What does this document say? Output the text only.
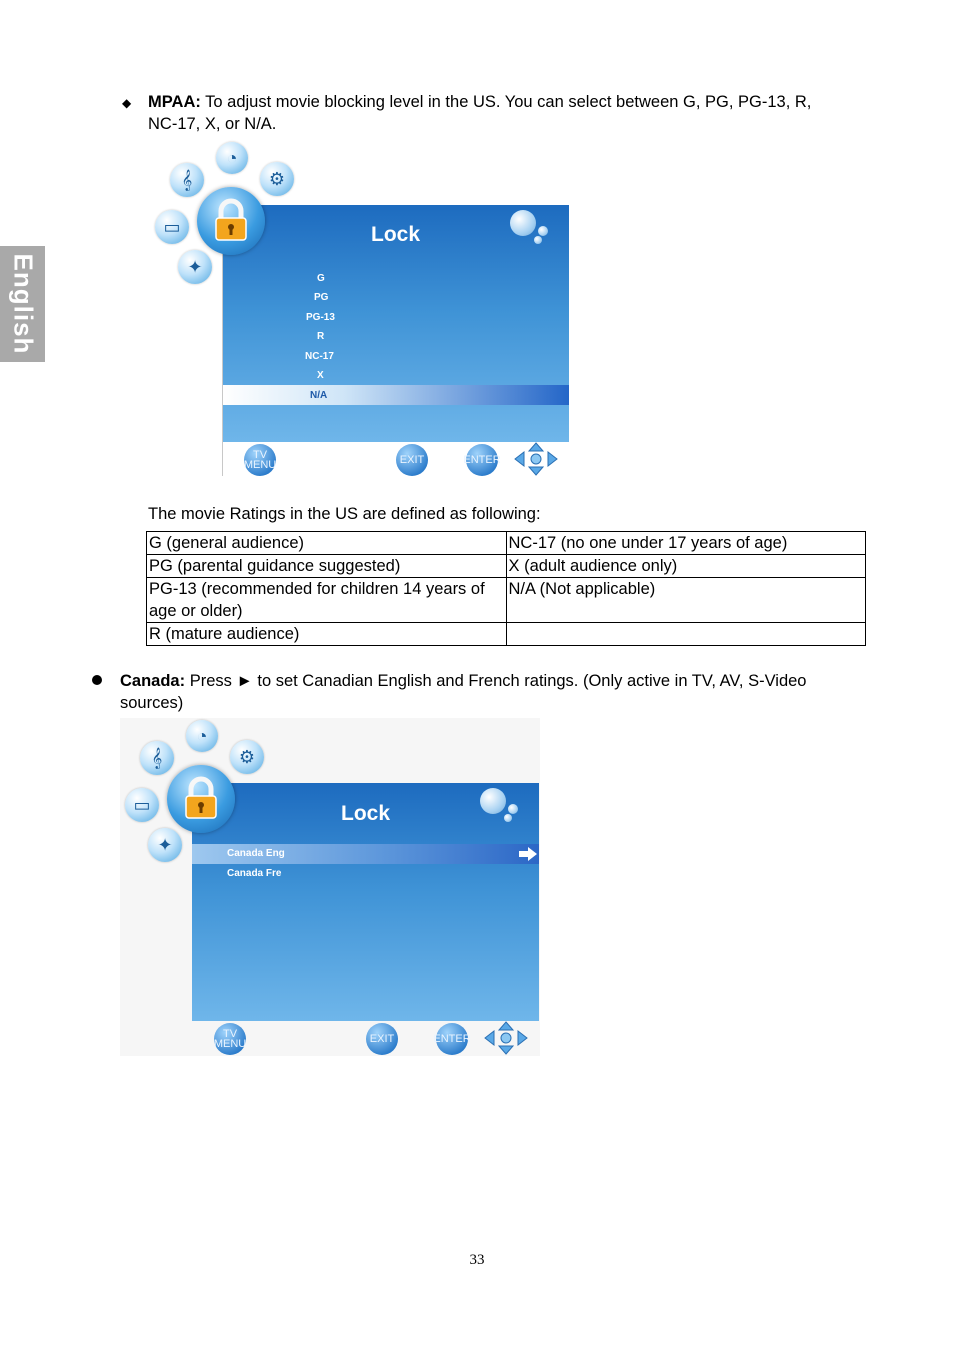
English
◆ MPAA: To adjust movie blocking level in the US. You can select between G, PG, PG-13, R,
NC-17, X, or N/A.
Lock
𝄞
◔
⚙
▭
✦
G
PG
PG-13
R
NC-17
X
N/A
TV
MENU	EXIT	ENTER
The movie Ratings in the US are defined as following:
G (general audience)	NC-17 (no one under 17 years of age)
PG (parental guidance suggested)	X (adult audience only)
PG-13 (recommended for children 14 years of age or older)	N/A (Not applicable)
R (mature audience)	
Canada: Press ► to set Canadian English and French ratings. (Only active in TV, AV, S-Video
sources)
Lock
𝄞
◔
⚙
▭
✦	Canada Eng
Canada Fre
TV
MENU	EXIT	ENTER
33
